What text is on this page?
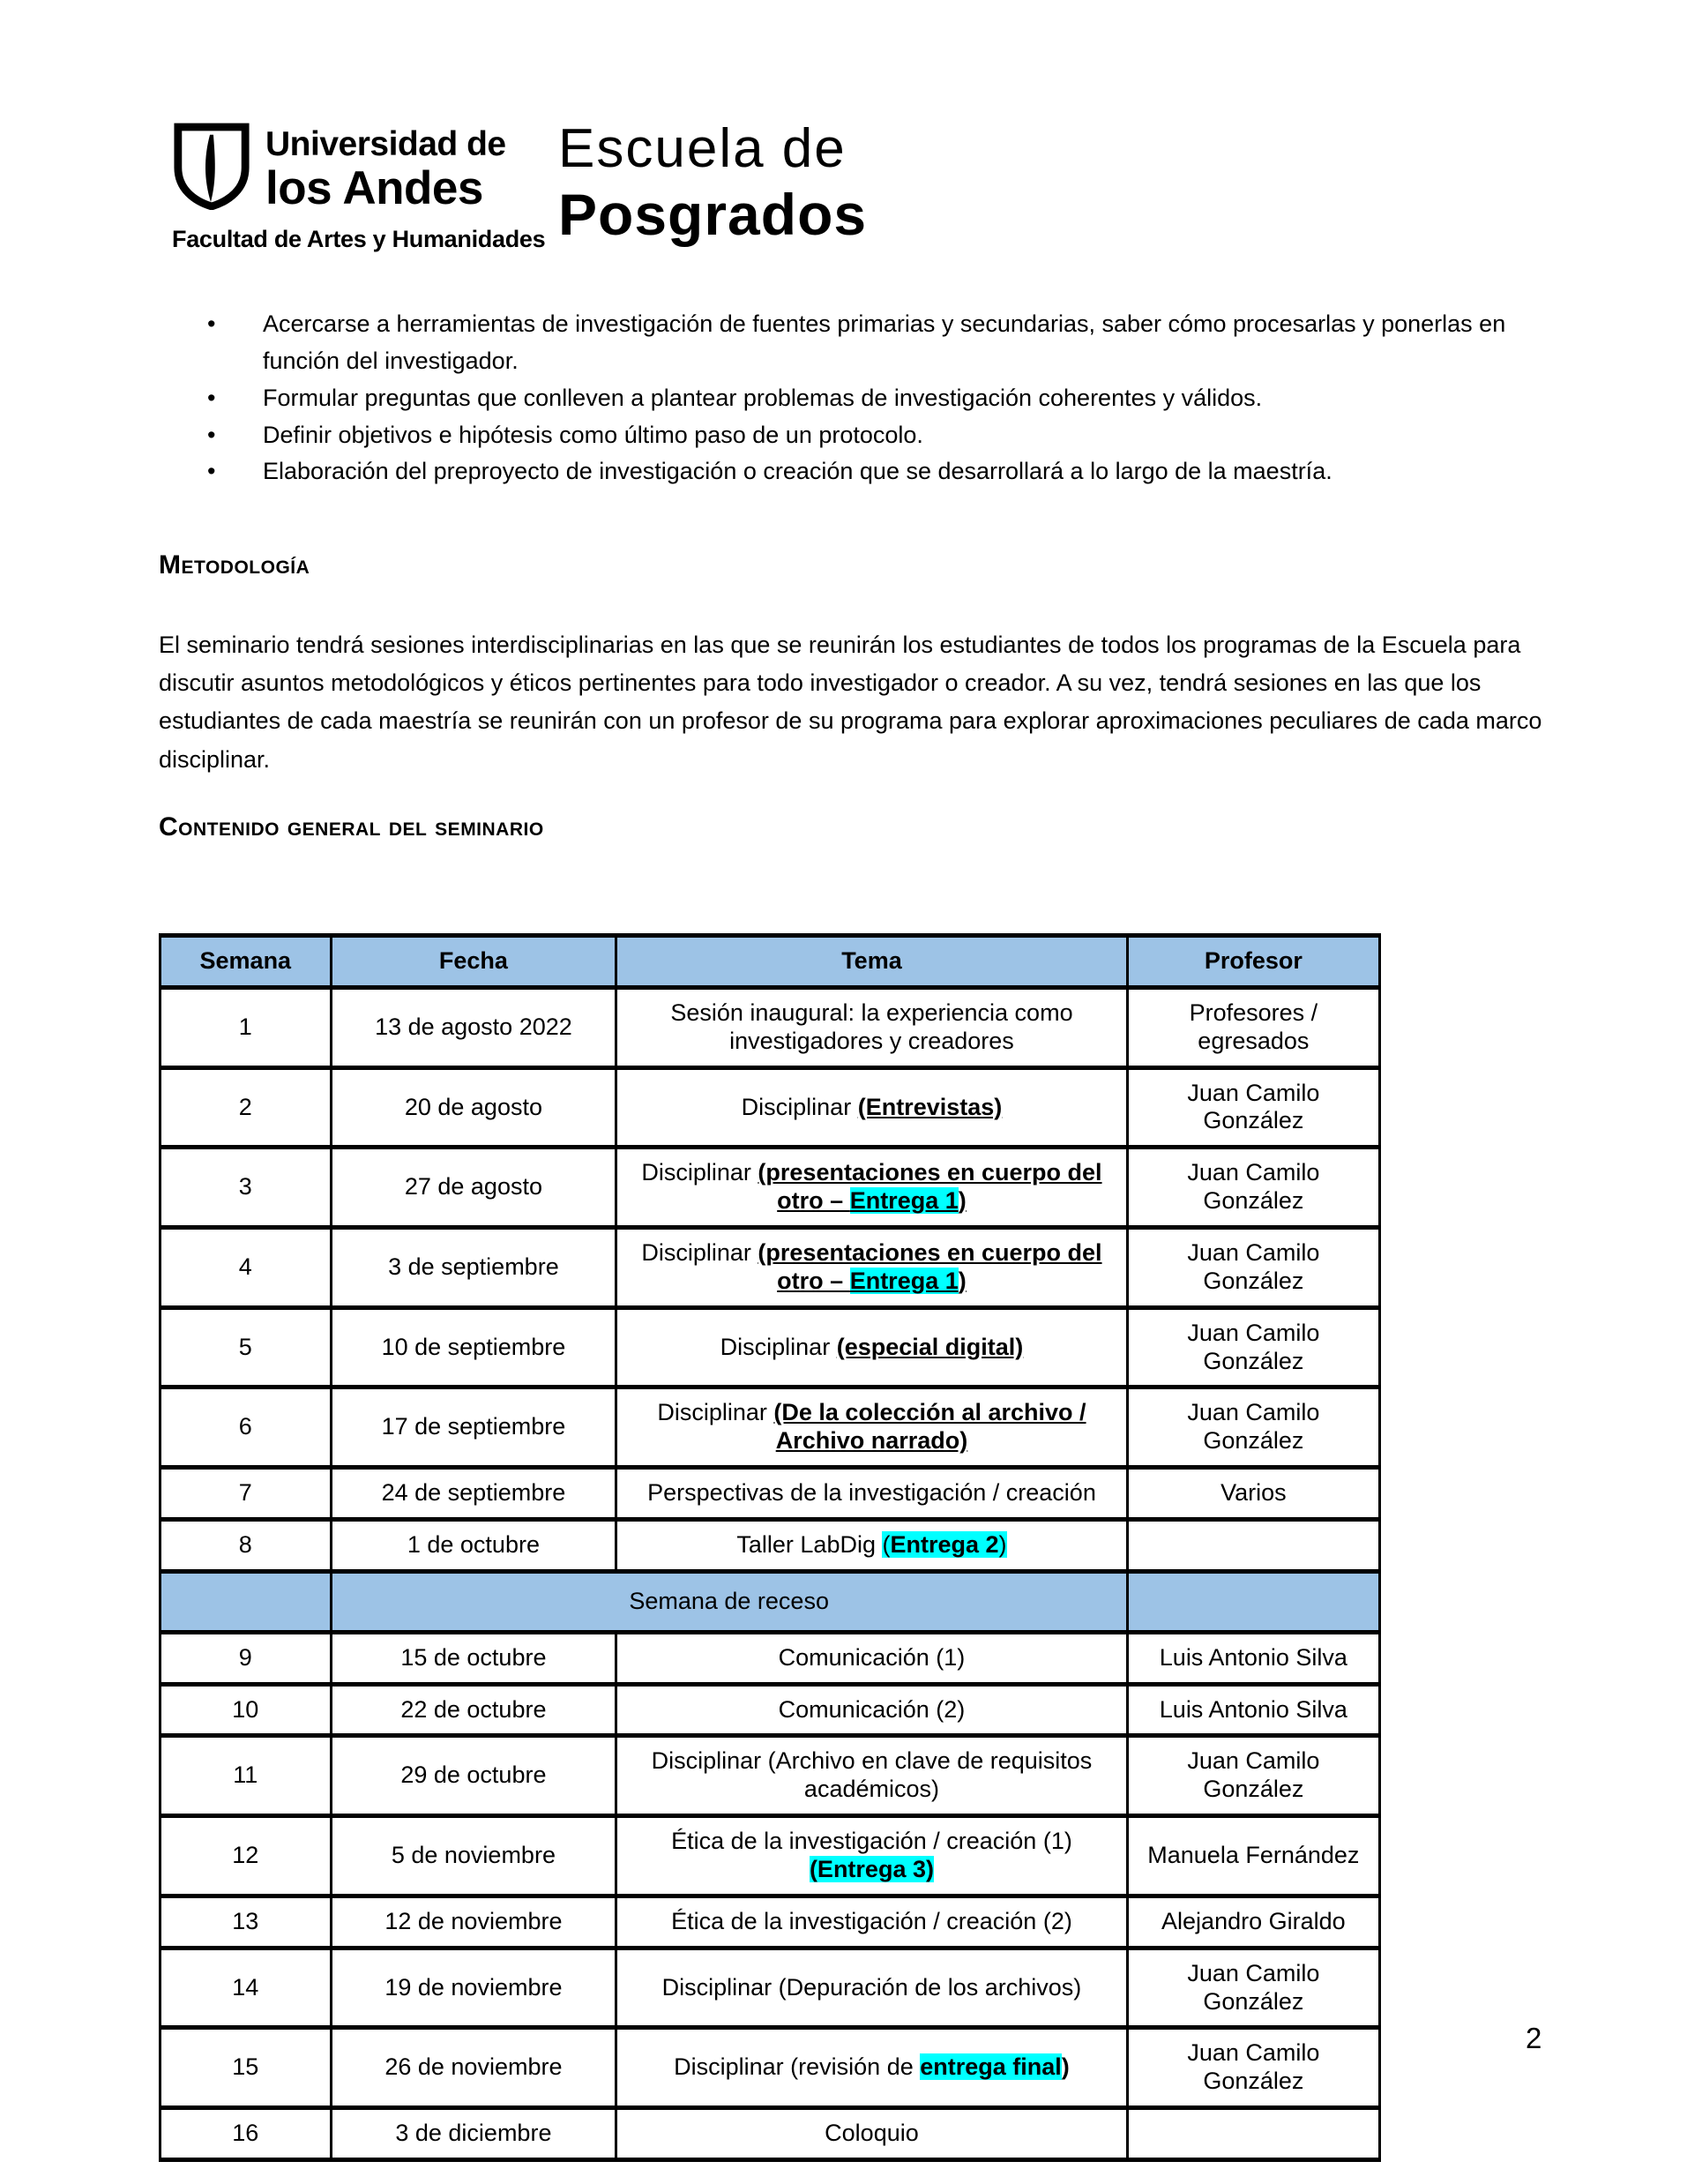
Universidad de
los Andes
Facultad de Artes y Humanidades
Escuela de
Posgrados
• Acercarse a herramientas de investigación de fuentes primarias y secundarias, saber cómo procesarlas y ponerlas en función del investigador.
• Formular preguntas que conlleven a plantear problemas de investigación coherentes y válidos.
• Definir objetivos e hipótesis como último paso de un protocolo.
• Elaboración del preproyecto de investigación o creación que se desarrollará a lo largo de la maestría.
Metodología

El seminario tendrá sesiones interdisciplinarias en las que se reunirán los estudiantes de todos los programas de la Escuela para discutir asuntos metodológicos y éticos pertinentes para todo investigador o creador. A su vez, tendrá sesiones en las que los estudiantes de cada maestría se reunirán con un profesor de su programa para explorar aproximaciones peculiares de cada marco disciplinar.

Contenido general del seminario
Semana	Fecha	Tema	Profesor
1	13 de agosto 2022	Sesión inaugural: la experiencia como
investigadores y creadores	Profesores /
egresados
2	20 de agosto	Disciplinar (Entrevistas)	Juan Camilo González
3	27 de agosto	Disciplinar (presentaciones en cuerpo del
otro – Entrega 1)	Juan Camilo González
4	3 de septiembre	Disciplinar (presentaciones en cuerpo del
otro – Entrega 1)	Juan Camilo González
5	10 de septiembre	Disciplinar (especial digital)	Juan Camilo González
6	17 de septiembre	Disciplinar (De la colección al archivo /
Archivo narrado)	Juan Camilo González
7	24 de septiembre	Perspectivas de la investigación / creación	Varios
8	1 de octubre	Taller LabDig (Entrega 2)	
	Semana de receso		
9	15 de octubre	Comunicación (1)	Luis Antonio Silva
10	22 de octubre	Comunicación (2)	Luis Antonio Silva
11	29 de octubre	Disciplinar (Archivo en clave de requisitos
académicos)	Juan Camilo González
12	5 de noviembre	Ética de la investigación / creación (1)
(Entrega 3)	Manuela Fernández
13	12 de noviembre	Ética de la investigación / creación (2)	Alejandro Giraldo
14	19 de noviembre	Disciplinar (Depuración de los archivos)	Juan Camilo González
15	26 de noviembre	Disciplinar (revisión de entrega final)	Juan Camilo González
16	3 de diciembre	Coloquio	
2
